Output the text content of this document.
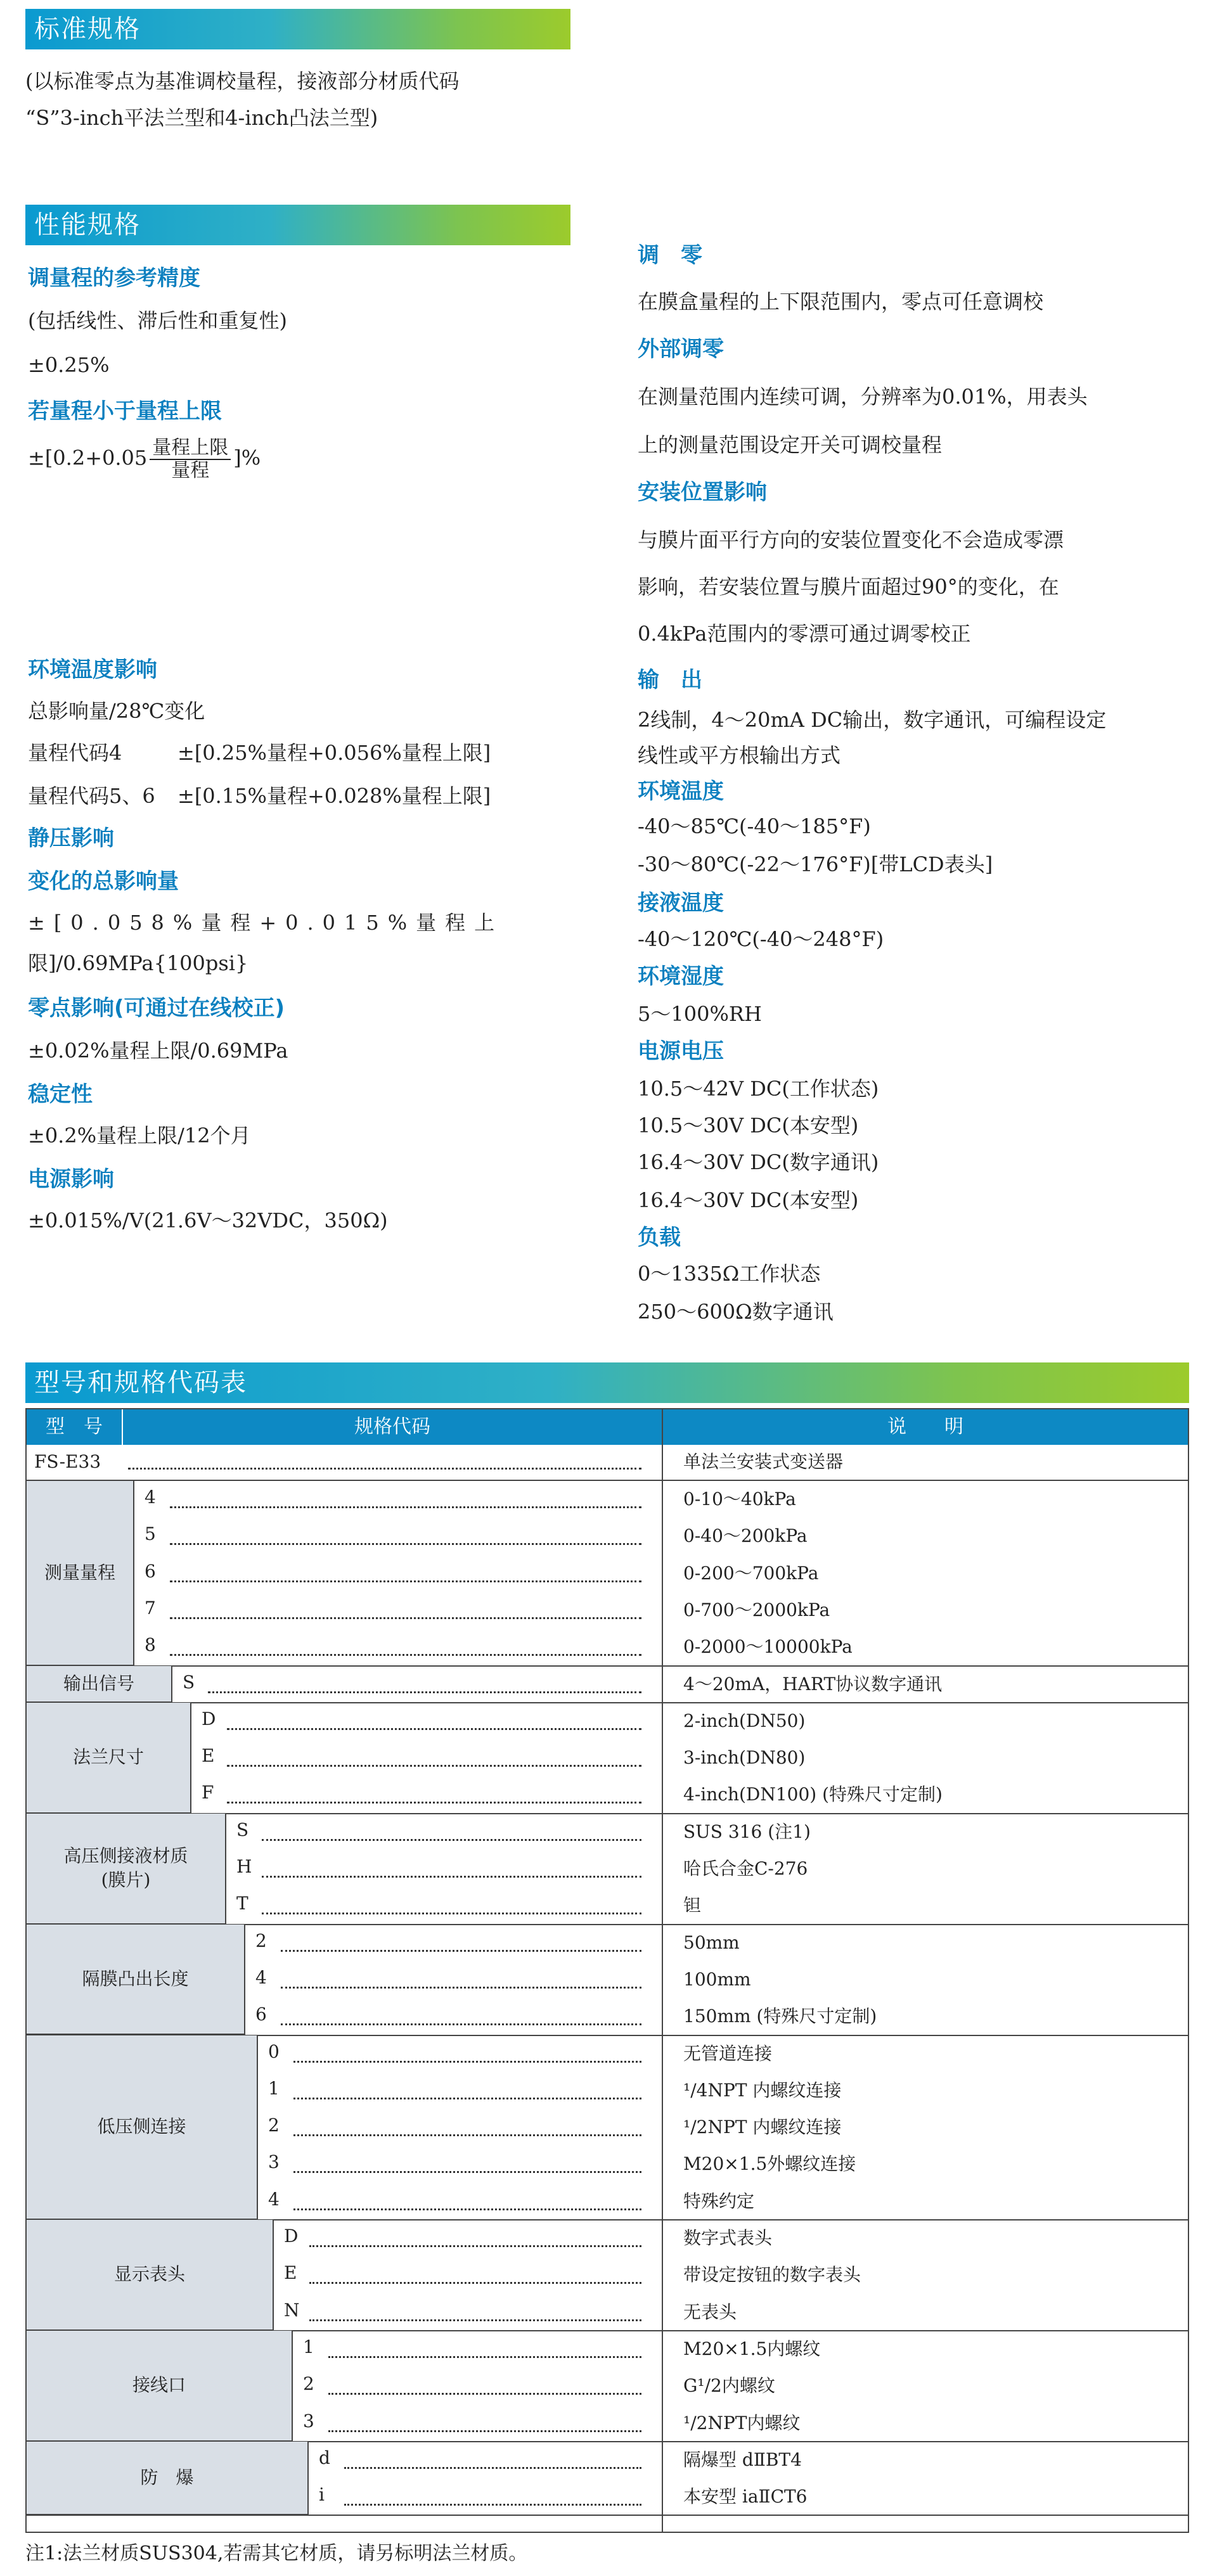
标准规格
(以标准零点为基准调校量程，接液部分材质代码
“S”3-inch平法兰型和4-inch凸法兰型)
性能规格
调量程的参考精度
(包括线性、滞后性和重复性)
±0.25%
若量程小于量程上限
$\pm[0.2+0.05 \frac{\text{量程上限}}{\text{量程}}$ ]%
环境温度影响
总影响量/28℃变化
量程代码4	±[0.25%量程+0.056%量程上限]
量程代码5、6 ±[0.15%量程+0.028%量程上限]
静压影响
变化的总影响量
±[0.058%量程+0.015%量程上
限]/0.69MPa{100psi}
零点影响(可通过在线校正)
±0.02%量程上限/0.69MPa
稳定性
±0.2%量程上限/12个月
电源影响
±0.015%/V(21.6V～32VDC，350Ω)
调　零
在膜盒量程的上下限范围内，零点可任意调校
外部调零
在测量范围内连续可调，分辨率为0.01%，用表头
上的测量范围设定开关可调校量程
安装位置影响
与膜片面平行方向的安装位置变化不会造成零漂
影响，若安装位置与膜片面超过90°的变化，在
0.4kPa范围内的零漂可通过调零校正
输　出
2线制，4～20mA DC输出，数字通讯，可编程设定
线性或平方根输出方式
环境温度
-40～85℃(-40～185°F)
-30～80℃(-22～176°F)[带LCD表头]
接液温度
-40～120℃(-40～248°F)
环境湿度
5～100%RH
电源电压
10.5～42V DC(工作状态)
10.5～30V DC(本安型)
16.4～30V DC(数字通讯)
16.4～30V DC(本安型)
负载
0～1335Ω工作状态
250～600Ω数字通讯
型号和规格代码表
型　号	规格代码	说　　明
FS-E33	单法兰安装式变送器
测量量程
4	0-10～40kPa
5	0-40～200kPa
6	0-200～700kPa
7	0-700～2000kPa
8	0-2000～10000kPa
输出信号	S	4～20mA，HART协议数字通讯
法兰尺寸
D	2-inch(DN50)
E	3-inch(DN80)
F	4-inch(DN100) (特殊尺寸定制)
高压侧接液材质
(膜片)
S	SUS 316 (注1)
H	哈氏合金C-276
T	钽
隔膜凸出长度
2	50mm
4	100mm
6	150mm (特殊尺寸定制)
低压侧连接
0	无管道连接
1	¹/4NPT 内螺纹连接
2	¹/2NPT 内螺纹连接
3	M20×1.5外螺纹连接
4	特殊约定
显示表头
D	数字式表头
E	带设定按钮的数字表头
N	无表头
接线口
1	M20×1.5内螺纹
2	G¹/2内螺纹
3	¹/2NPT内螺纹
防　爆
d	隔爆型 dⅡBT4
i	本安型 iaⅡCT6
注1:法兰材质SUS304,若需其它材质，请另标明法兰材质。
